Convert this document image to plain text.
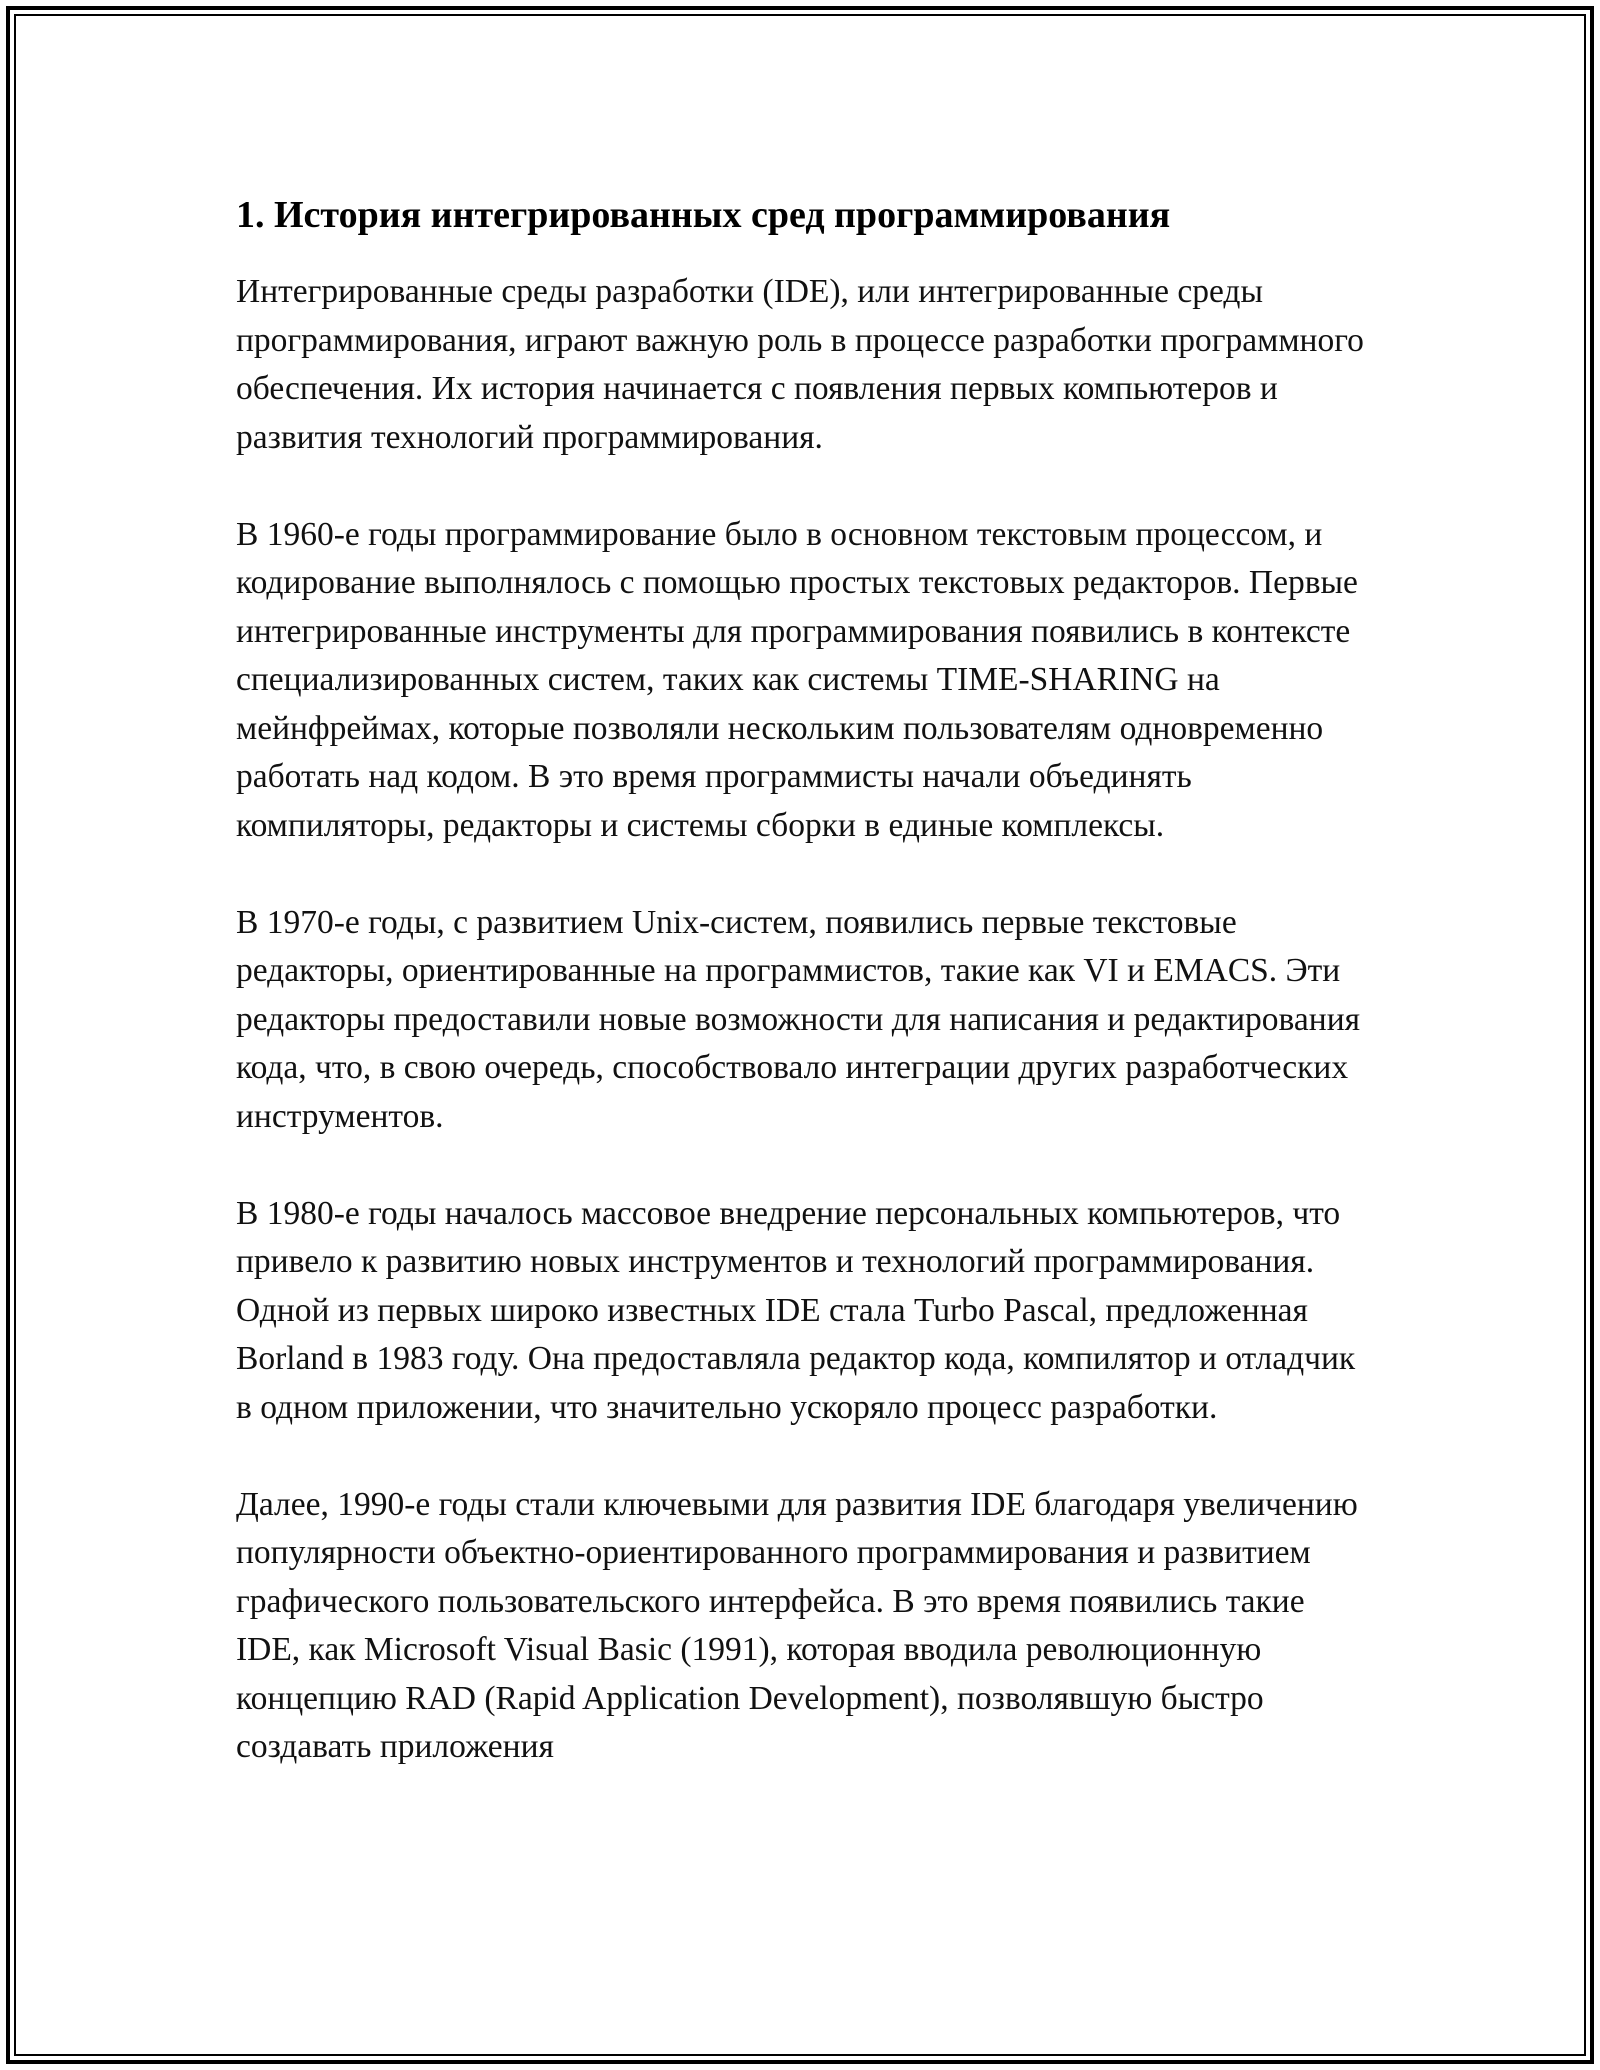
1. История интегрированных сред программирования

Интегрированные среды разработки (IDE), или интегрированные среды программирования, играют важную роль в процессе разработки программного обеспечения. Их история начинается с появления первых компьютеров и развития технологий программирования.

В 1960-е годы программирование было в основном текстовым процессом, и кодирование выполнялось с помощью простых текстовых редакторов. Первые интегрированные инструменты для программирования появились в контексте специализированных систем, таких как системы TIME-SHARING на мейнфреймах, которые позволяли нескольким пользователям одновременно работать над кодом. В это время программисты начали объединять компиляторы, редакторы и системы сборки в единые комплексы.

В 1970-е годы, с развитием Unix-систем, появились первые текстовые редакторы, ориентированные на программистов, такие как VI и EMACS. Эти редакторы предоставили новые возможности для написания и редактирования кода, что, в свою очередь, способствовало интеграции других разработческих инструментов.

В 1980-е годы началось массовое внедрение персональных компьютеров, что привело к развитию новых инструментов и технологий программирования. Одной из первых широко известных IDE стала Turbo Pascal, предложенная Borland в 1983 году. Она предоставляла редактор кода, компилятор и отладчик в одном приложении, что значительно ускоряло процесс разработки.

Далее, 1990-е годы стали ключевыми для развития IDE благодаря увеличению популярности объектно-ориентированного программирования и развитием графического пользовательского интерфейса. В это время появились такие IDE, как Microsoft Visual Basic (1991), которая вводила революционную концепцию RAD (Rapid Application Development), позволявшую быстро создавать приложения
